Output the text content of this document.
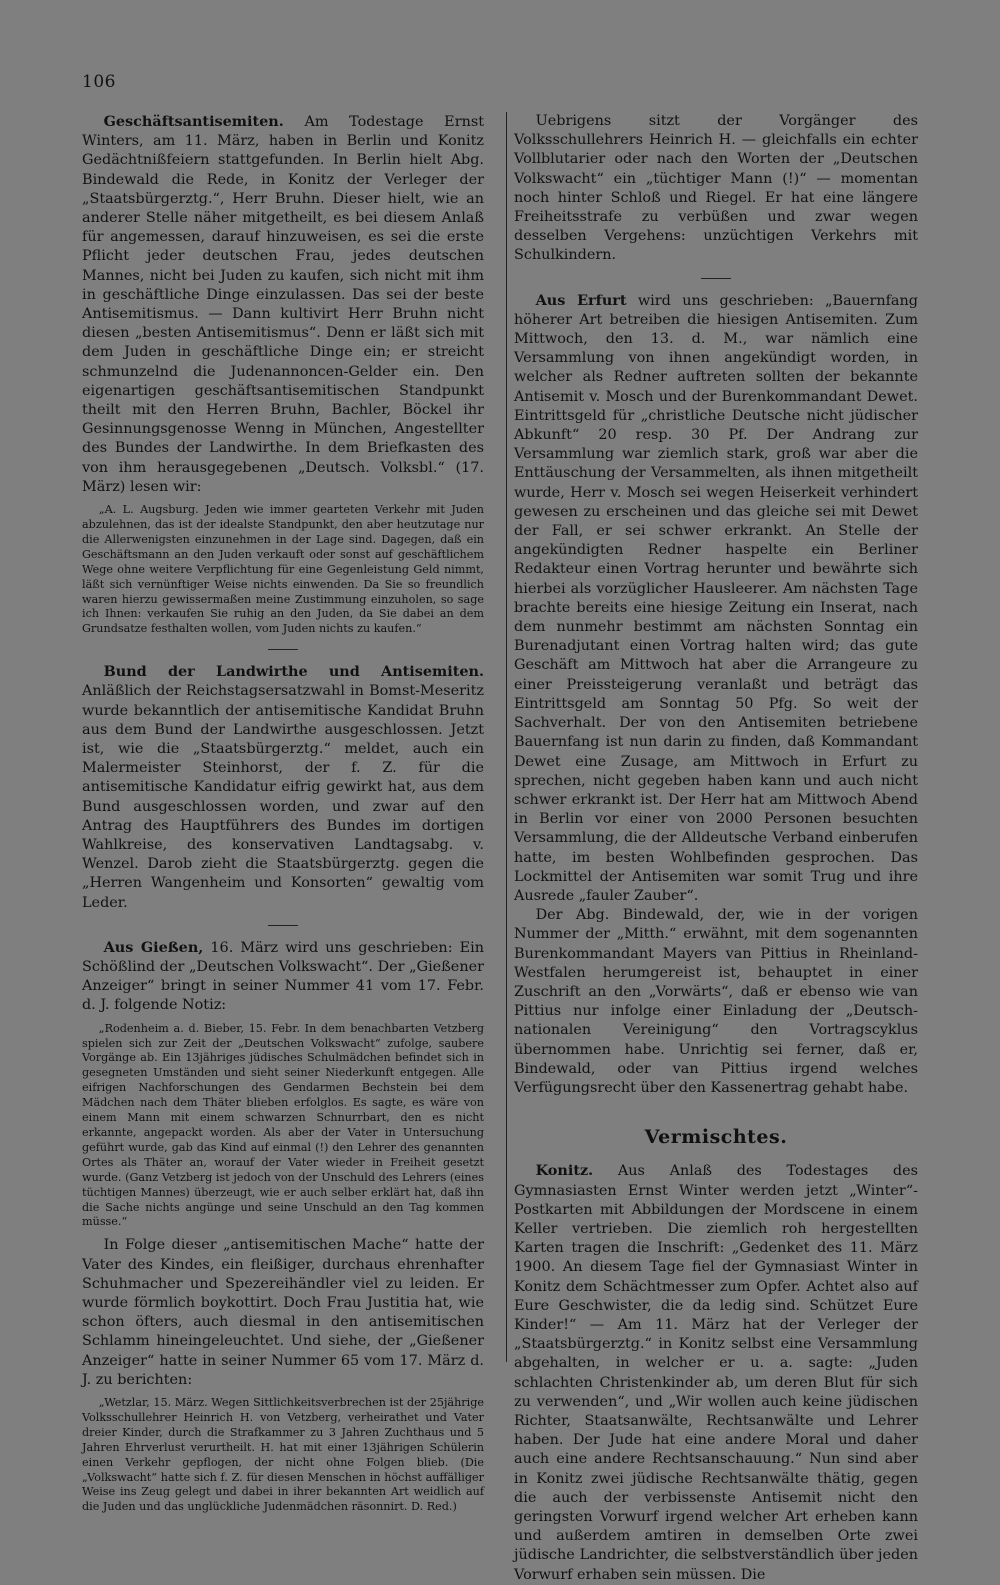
106

Geschäftsantisemiten. Am Todestage Ernst Winters, am 11. März, haben in Berlin und Konitz Gedächtnißfeiern stattgefunden. In Berlin hielt Abg. Bindewald die Rede, in Konitz der Verleger der „Staatsbürgerztg.“, Herr Bruhn. Dieser hielt, wie an anderer Stelle näher mitgetheilt, es bei diesem Anlaß für angemessen, darauf hinzuweisen, es sei die erste Pflicht jeder deutschen Frau, jedes deutschen Mannes, nicht bei Juden zu kaufen, sich nicht mit ihm in geschäftliche Dinge einzulassen. Das sei der beste Antisemitismus. — Dann kultivirt Herr Bruhn nicht diesen „besten Antisemitismus“. Denn er läßt sich mit dem Juden in geschäftliche Dinge ein; er streicht schmunzelnd die Judenannoncen-Gelder ein. Den eigenartigen geschäftsantisemitischen Standpunkt theilt mit den Herren Bruhn, Bachler, Böckel ihr Gesinnungsgenosse Wenng in München, Angestellter des Bundes der Landwirthe. In dem Briefkasten des von ihm herausgegebenen „Deutsch. Volksbl.“ (17. März) lesen wir:

„A. L. Augsburg. Jeden wie immer gearteten Verkehr mit Juden abzulehnen, das ist der idealste Standpunkt, den aber heutzutage nur die Allerwenigsten einzunehmen in der Lage sind. Dagegen, daß ein Geschäftsmann an den Juden verkauft oder sonst auf geschäftlichem Wege ohne weitere Verpflichtung für eine Gegenleistung Geld nimmt, läßt sich vernünftiger Weise nichts einwenden. Da Sie so freundlich waren hierzu gewissermaßen meine Zustimmung einzuholen, so sage ich Ihnen: verkaufen Sie ruhig an den Juden, da Sie dabei an dem Grundsatze festhalten wollen, vom Juden nichts zu kaufen.“

Bund der Landwirthe und Antisemiten. Anläßlich der Reichstagsersatzwahl in Bomst-Meseritz wurde bekanntlich der antisemitische Kandidat Bruhn aus dem Bund der Landwirthe ausgeschlossen. Jetzt ist, wie die „Staatsbürgerztg.“ meldet, auch ein Malermeister Steinhorst, der f. Z. für die antisemitische Kandidatur eifrig gewirkt hat, aus dem Bund ausgeschlossen worden, und zwar auf den Antrag des Hauptführers des Bundes im dortigen Wahlkreise, des konservativen Landtagsabg. v. Wenzel. Darob zieht die Staatsbürgerztg. gegen die „Herren Wangenheim und Konsorten“ gewaltig vom Leder.

Aus Gießen, 16. März wird uns geschrieben: Ein Schößlind der „Deutschen Volkswacht“. Der „Gießener Anzeiger“ bringt in seiner Nummer 41 vom 17. Febr. d. J. folgende Notiz:

„Rodenheim a. d. Bieber, 15. Febr. In dem benachbarten Vetzberg spielen sich zur Zeit der „Deutschen Volkswacht“ zufolge, saubere Vorgänge ab. Ein 13jähriges jüdisches Schulmädchen befindet sich in gesegneten Umständen und sieht seiner Niederkunft entgegen. Alle eifrigen Nachforschungen des Gendarmen Bechstein bei dem Mädchen nach dem Thäter blieben erfolglos. Es sagte, es wäre von einem Mann mit einem schwarzen Schnurrbart, den es nicht erkannte, angepackt worden. Als aber der Vater in Untersuchung geführt wurde, gab das Kind auf einmal (!) den Lehrer des genannten Ortes als Thäter an, worauf der Vater wieder in Freiheit gesetzt wurde. (Ganz Vetzberg ist jedoch von der Unschuld des Lehrers (eines tüchtigen Mannes) überzeugt, wie er auch selber erklärt hat, daß ihn die Sache nichts angünge und seine Unschuld an den Tag kommen müsse.“

In Folge dieser „antisemitischen Mache“ hatte der Vater des Kindes, ein fleißiger, durchaus ehrenhafter Schuhmacher und Spezereihändler viel zu leiden. Er wurde förmlich boykottirt. Doch Frau Justitia hat, wie schon öfters, auch diesmal in den antisemitischen Schlamm hineingeleuchtet. Und siehe, der „Gießener Anzeiger“ hatte in seiner Nummer 65 vom 17. März d. J. zu berichten:

„Wetzlar, 15. März. Wegen Sittlichkeitsverbrechen ist der 25jährige Volksschullehrer Heinrich H. von Vetzberg, verheirathet und Vater dreier Kinder, durch die Strafkammer zu 3 Jahren Zuchthaus und 5 Jahren Ehrverlust verurtheilt. H. hat mit einer 13jährigen Schülerin einen Verkehr gepflogen, der nicht ohne Folgen blieb. (Die „Volkswacht“ hatte sich f. Z. für diesen Menschen in höchst auffälliger Weise ins Zeug gelegt und dabei in ihrer bekannten Art weidlich auf die Juden und das unglückliche Judenmädchen räsonnirt. D. Red.)

Uebrigens sitzt der Vorgänger des Volksschullehrers Heinrich H. — gleichfalls ein echter Vollblutarier oder nach den Worten der „Deutschen Volkswacht“ ein „tüchtiger Mann (!)“ — momentan noch hinter Schloß und Riegel. Er hat eine längere Freiheitsstrafe zu verbüßen und zwar wegen desselben Vergehens: unzüchtigen Verkehrs mit Schulkindern.

Aus Erfurt wird uns geschrieben: „Bauernfang höherer Art betreiben die hiesigen Antisemiten. Zum Mittwoch, den 13. d. M., war nämlich eine Versammlung von ihnen angekündigt worden, in welcher als Redner auftreten sollten der bekannte Antisemit v. Mosch und der Burenkommandant Dewet. Eintrittsgeld für „christliche Deutsche nicht jüdischer Abkunft“ 20 resp. 30 Pf. Der Andrang zur Versammlung war ziemlich stark, groß war aber die Enttäuschung der Versammelten, als ihnen mitgetheilt wurde, Herr v. Mosch sei wegen Heiserkeit verhindert gewesen zu erscheinen und das gleiche sei mit Dewet der Fall, er sei schwer erkrankt. An Stelle der angekündigten Redner haspelte ein Berliner Redakteur einen Vortrag herunter und bewährte sich hierbei als vorzüglicher Hausleerer. Am nächsten Tage brachte bereits eine hiesige Zeitung ein Inserat, nach dem nunmehr bestimmt am nächsten Sonntag ein Burenadjutant einen Vortrag halten wird; das gute Geschäft am Mittwoch hat aber die Arrangeure zu einer Preissteigerung veranlaßt und beträgt das Eintrittsgeld am Sonntag 50 Pfg. So weit der Sachverhalt. Der von den Antisemiten betriebene Bauernfang ist nun darin zu finden, daß Kommandant Dewet eine Zusage, am Mittwoch in Erfurt zu sprechen, nicht gegeben haben kann und auch nicht schwer erkrankt ist. Der Herr hat am Mittwoch Abend in Berlin vor einer von 2000 Personen besuchten Versammlung, die der Alldeutsche Verband einberufen hatte, im besten Wohlbefinden gesprochen. Das Lockmittel der Antisemiten war somit Trug und ihre Ausrede „fauler Zauber“.

Der Abg. Bindewald, der, wie in der vorigen Nummer der „Mitth.“ erwähnt, mit dem sogenannten Burenkommandant Mayers van Pittius in Rheinland-Westfalen herumgereist ist, behauptet in einer Zuschrift an den „Vorwärts“, daß er ebenso wie van Pittius nur infolge einer Einladung der „Deutsch-nationalen Vereinigung“ den Vortragscyklus übernommen habe. Unrichtig sei ferner, daß er, Bindewald, oder van Pittius irgend welches Verfügungsrecht über den Kassenertrag gehabt habe.

Vermischtes.

Konitz. Aus Anlaß des Todestages des Gymnasiasten Ernst Winter werden jetzt „Winter“-Postkarten mit Abbildungen der Mordscene in einem Keller vertrieben. Die ziemlich roh hergestellten Karten tragen die Inschrift: „Gedenket des 11. März 1900. An diesem Tage fiel der Gymnasiast Winter in Konitz dem Schächtmesser zum Opfer. Achtet also auf Eure Geschwister, die da ledig sind. Schützet Eure Kinder!“ — Am 11. März hat der Verleger der „Staatsbürgerztg.“ in Konitz selbst eine Versammlung abgehalten, in welcher er u. a. sagte: „Juden schlachten Christenkinder ab, um deren Blut für sich zu verwenden“, und „Wir wollen auch keine jüdischen Richter, Staatsanwälte, Rechtsanwälte und Lehrer haben. Der Jude hat eine andere Moral und daher auch eine andere Rechtsanschauung.“ Nun sind aber in Konitz zwei jüdische Rechtsanwälte thätig, gegen die auch der verbissenste Antisemit nicht den geringsten Vorwurf irgend welcher Art erheben kann und außerdem amtiren in demselben Orte zwei jüdische Landrichter, die selbstverständlich über jeden Vorwurf erhaben sein müssen. Die
